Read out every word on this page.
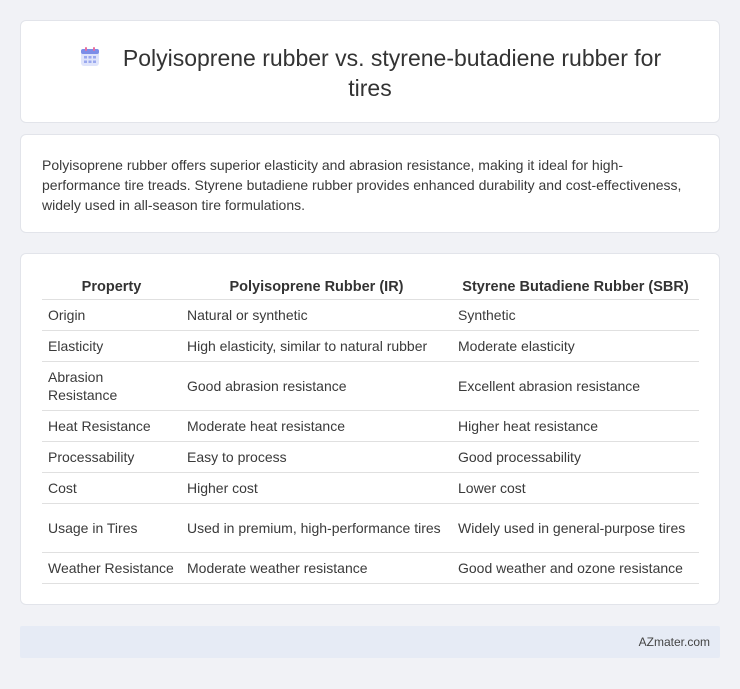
Polyisoprene rubber vs. styrene-butadiene rubber for tires

Polyisoprene rubber offers superior elasticity and abrasion resistance, making it ideal for high-performance tire treads. Styrene butadiene rubber provides enhanced durability and cost-effectiveness, widely used in all-season tire formulations.

Property	Polyisoprene Rubber (IR)	Styrene Butadiene Rubber (SBR)
Origin	Natural or synthetic	Synthetic
Elasticity	High elasticity, similar to natural rubber	Moderate elasticity
Abrasion Resistance	Good abrasion resistance	Excellent abrasion resistance
Heat Resistance	Moderate heat resistance	Higher heat resistance
Processability	Easy to process	Good processability
Cost	Higher cost	Lower cost
Usage in Tires	Used in premium, high-performance tires	Widely used in general-purpose tires
Weather Resistance	Moderate weather resistance	Good weather and ozone resistance
AZmater.com
